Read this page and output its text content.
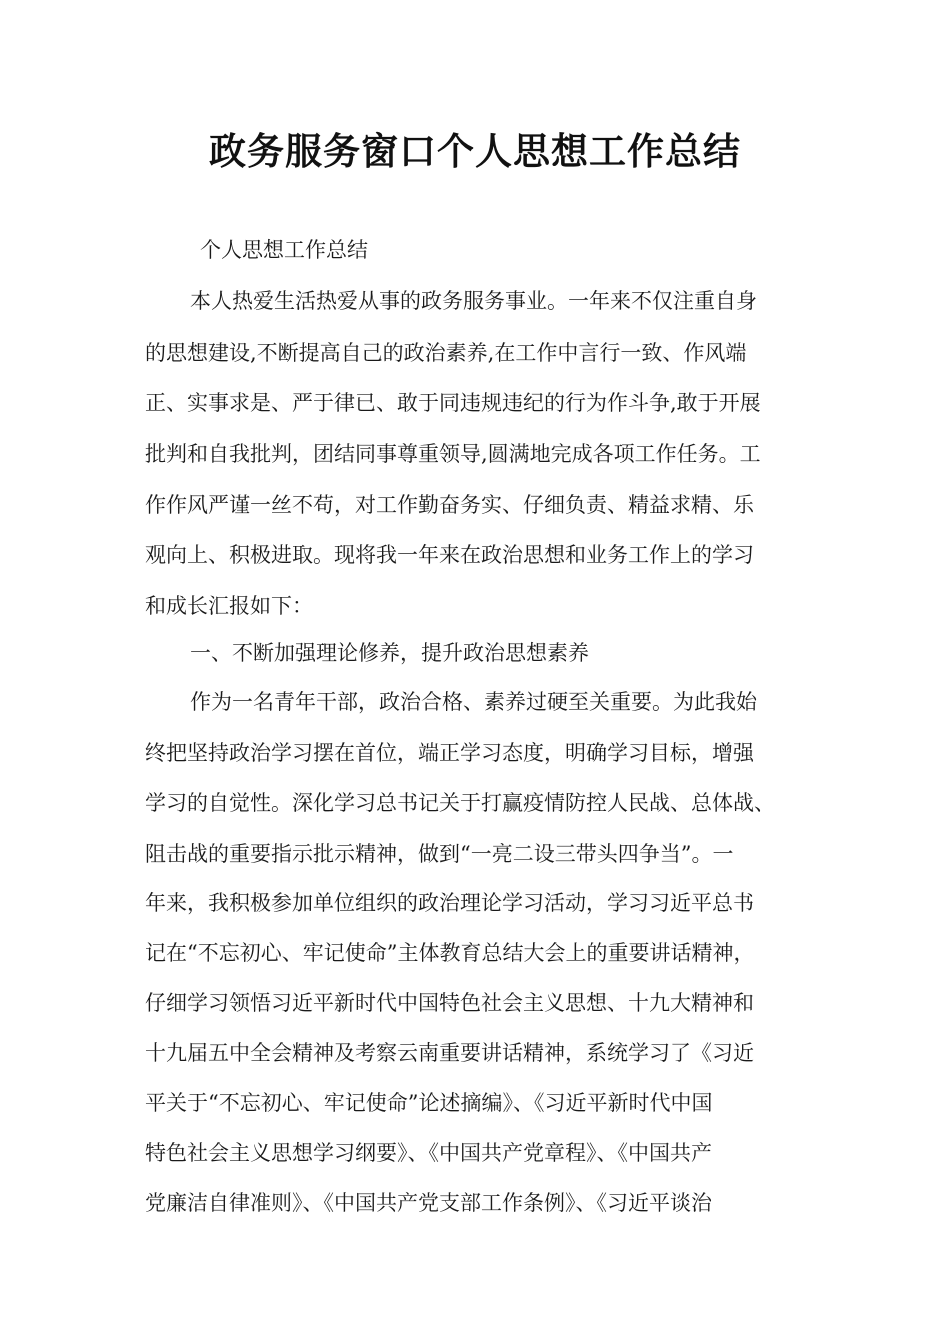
政务服务窗口个人思想工作总结

个人思想工作总结

本人热爱生活热爱从事的政务服务事业。一年来不仅注重自身

的思想建设,不断提高自己的政治素养,在工作中言行一致、作风端

正、实事求是、严于律已、敢于同违规违纪的行为作斗争,敢于开展

批判和自我批判，团结同事尊重领导,圆满地完成各项工作任务。工

作作风严谨一丝不苟，对工作勤奋务实、仔细负责、精益求精、乐

观向上、积极进取。现将我一年来在政治思想和业务工作上的学习

和成长汇报如下：

一、不断加强理论修养，提升政治思想素养

作为一名青年干部，政治合格、素养过硬至关重要。为此我始

终把坚持政治学习摆在首位，端正学习态度，明确学习目标，增强

学习的自觉性。深化学习总书记关于打赢疫情防控人民战、总体战、

阻击战的重要指示批示精神，做到“一亮二设三带头四争当”。一

年来，我积极参加单位组织的政治理论学习活动，学习习近平总书

记在“不忘初心、牢记使命”主体教育总结大会上的重要讲话精神，

仔细学习领悟习近平新时代中国特色社会主义思想、十九大精神和

十九届五中全会精神及考察云南重要讲话精神，系统学习了《习近

平关于“不忘初心、牢记使命”论述摘编》、《习近平新时代中国

特色社会主义思想学习纲要》、《中国共产党章程》、《中国共产

党廉洁自律准则》、《中国共产党支部工作条例》、《习近平谈治
